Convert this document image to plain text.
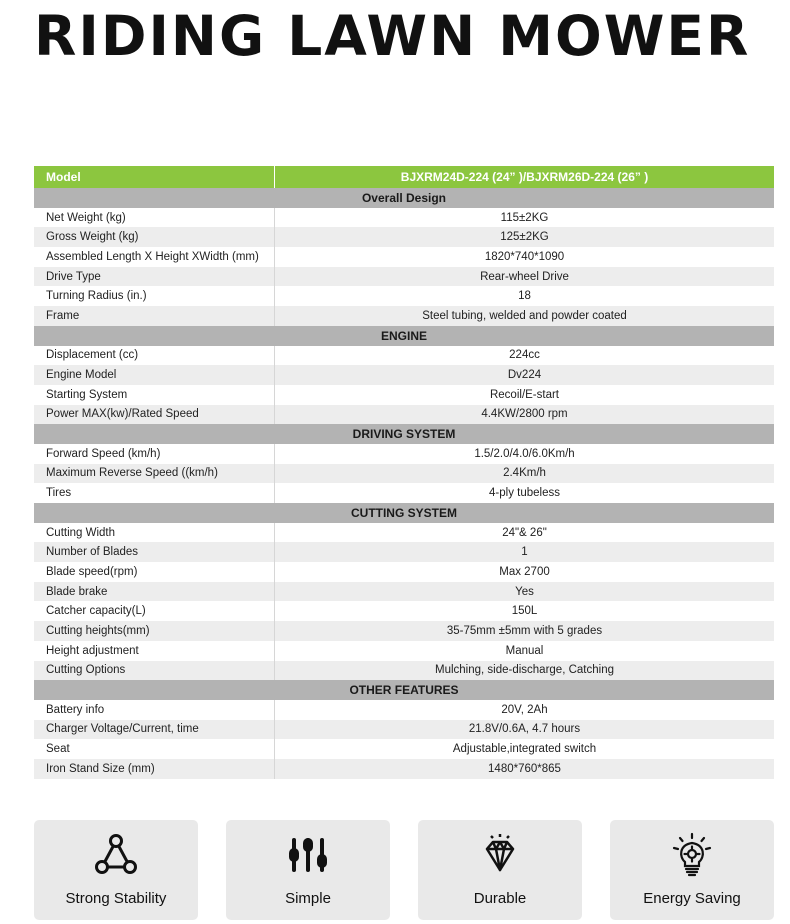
RIDING LAWN MOWER
Model	BJXRM24D-224 (24” )/BJXRM26D-224 (26” )
Overall Design	
Net Weight (kg)	115±2KG
Gross Weight (kg)	125±2KG
Assembled Length X Height XWidth (mm)	1820*740*1090
Drive Type	Rear-wheel Drive
Turning Radius (in.)	18
Frame	Steel tubing, welded and powder coated
ENGINE	
Displacement (cc)	224cc
Engine Model	Dv224
Starting System	Recoil/E-start
Power MAX(kw)/Rated Speed	4.4KW/2800 rpm
DRIVING SYSTEM	
Forward Speed (km/h)	1.5/2.0/4.0/6.0Km/h
Maximum Reverse Speed ((km/h)	2.4Km/h
Tires	4-ply tubeless
CUTTING SYSTEM	
Cutting Width	24"& 26"
Number of Blades	1
Blade speed(rpm)	Max 2700
Blade brake	Yes
Catcher capacity(L)	150L
Cutting heights(mm)	35-75mm ±5mm with 5 grades
Height adjustment	Manual
Cutting Options	Mulching, side-discharge, Catching
OTHER FEATURES	
Battery info	20V, 2Ah
Charger Voltage/Current, time	21.8V/0.6A, 4.7 hours
Seat	Adjustable,integrated switch
Iron Stand Size (mm)	1480*760*865
Strong Stability	Simple	Durable	Energy Saving
